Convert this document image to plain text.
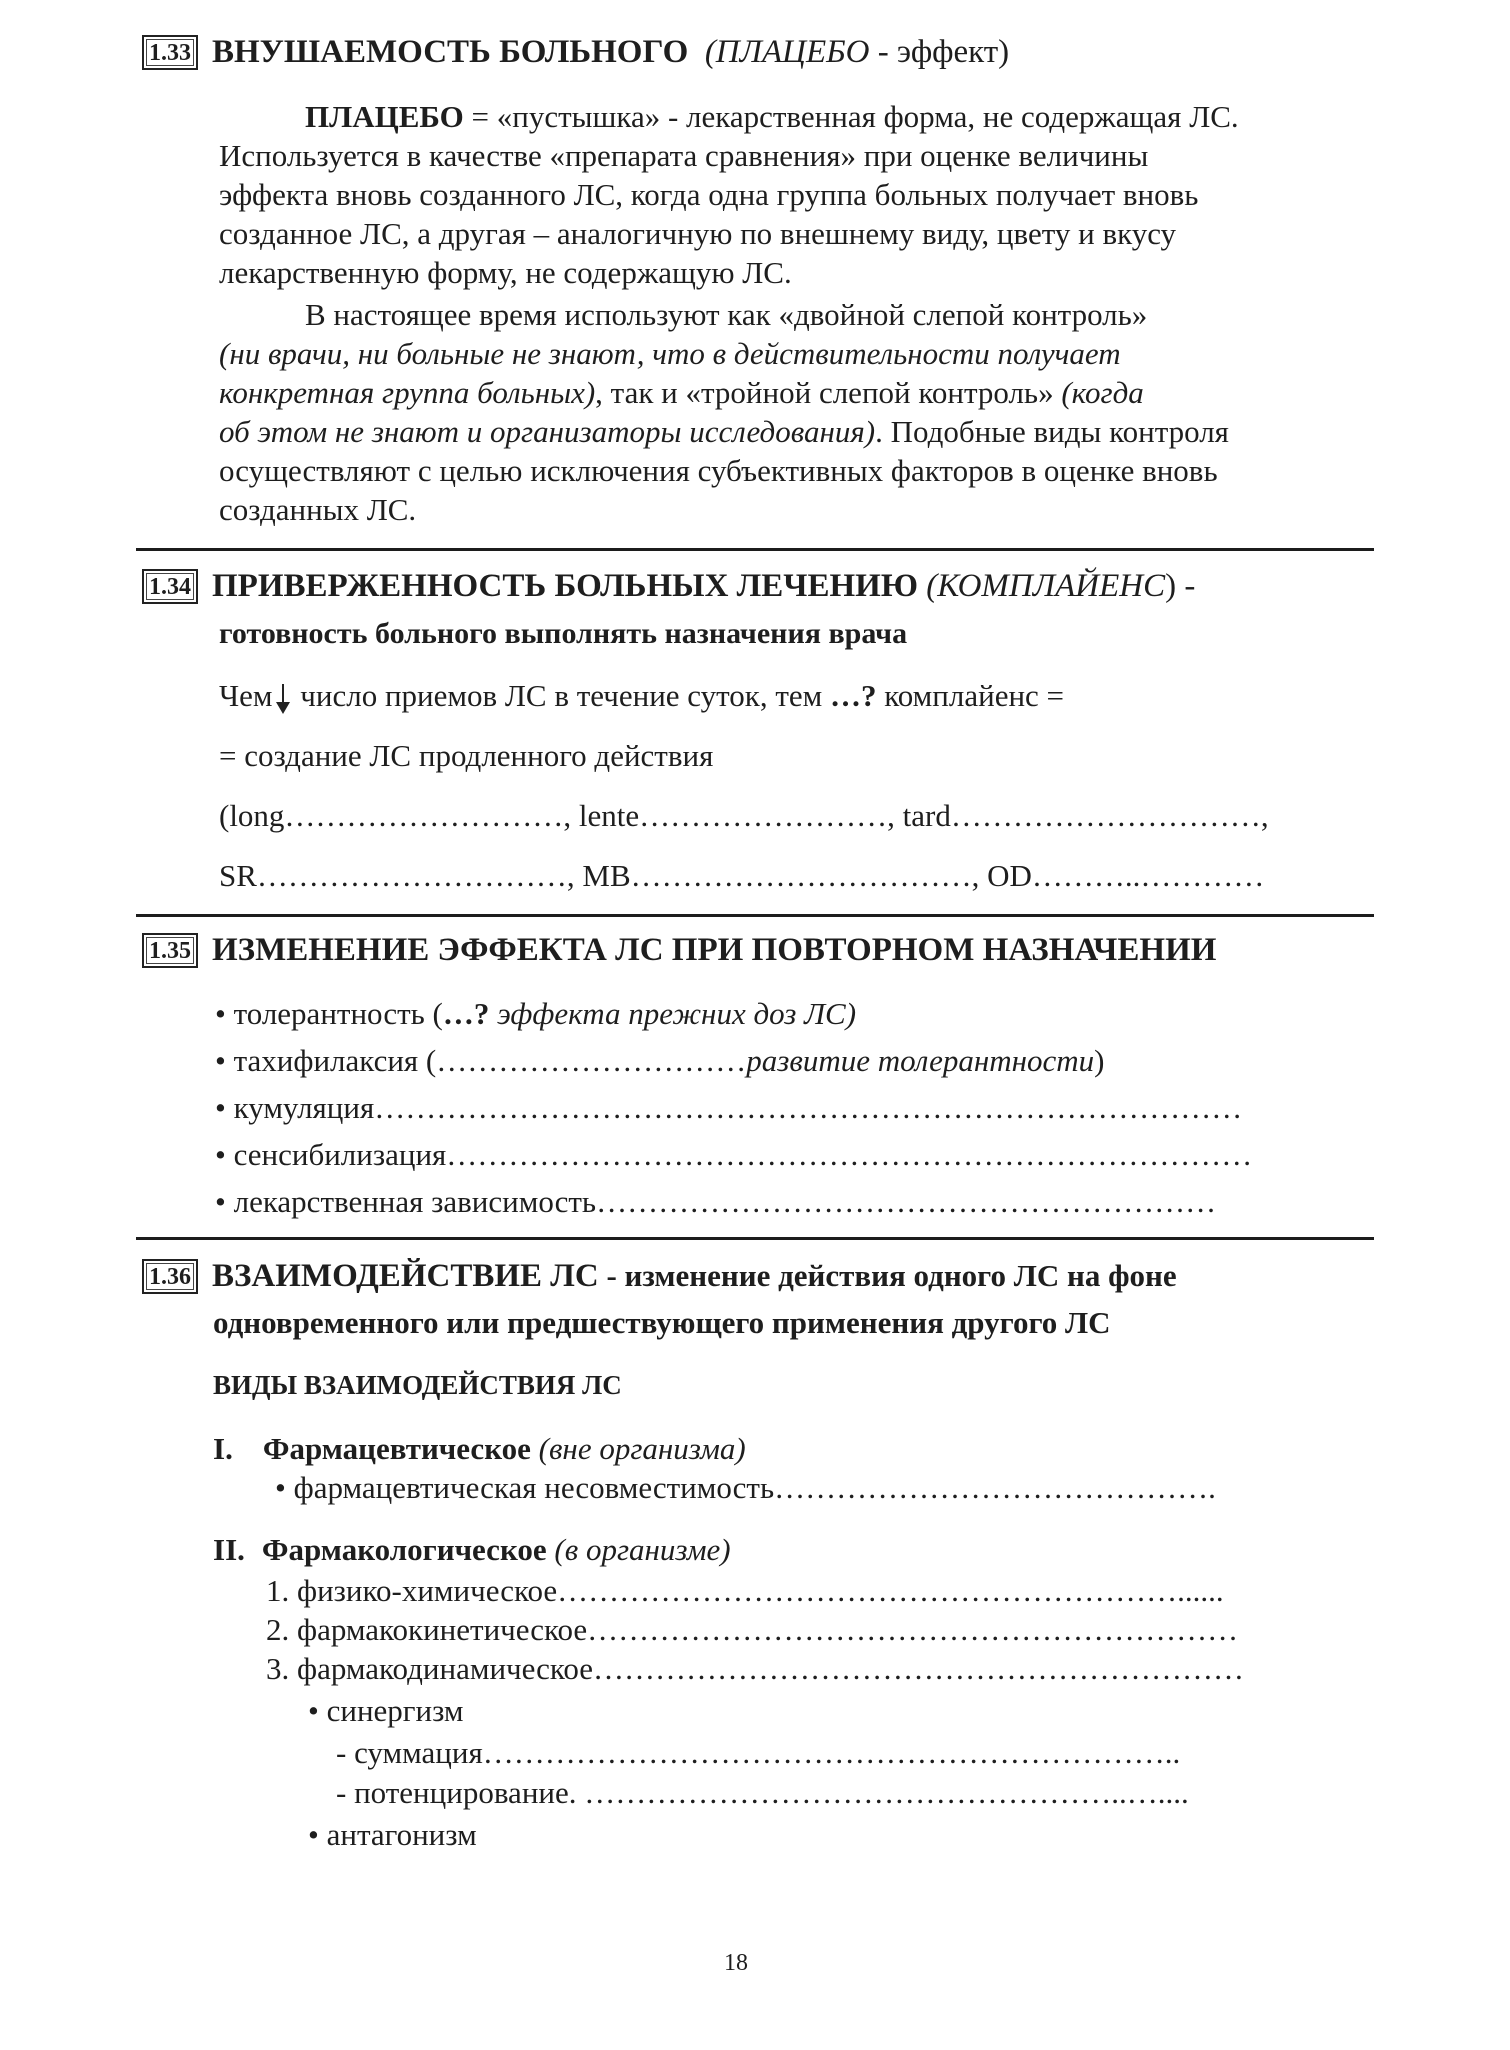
1.33 ВНУШАЕМОСТЬ БОЛЬНОГО (ПЛАЦЕБО - эффект)
ПЛАЦЕБО = «пустышка» - лекарственная форма, не содержащая ЛС.
Используется в качестве «препарата сравнения» при оценке величины
эффекта вновь созданного ЛС, когда одна группа больных получает вновь
созданное ЛС, а другая – аналогичную по внешнему виду, цвету и вкусу
лекарственную форму, не содержащую ЛС.
В настоящее время используют как «двойной слепой контроль»
(ни врачи, ни больные не знают, что в действительности получает
конкретная группа больных), так и «тройной слепой контроль» (когда
об этом не знают и организаторы исследования). Подобные виды контроля
осуществляют с целью исключения субъективных факторов в оценке вновь
созданных ЛС.
1.34 ПРИВЕРЖЕННОСТЬ БОЛЬНЫХ ЛЕЧЕНИЮ (КОМПЛАЙЕНС) -
готовность больного выполнять назначения врача
Чем число приемов ЛС в течение суток, тем …? комплайенс =
= создание ЛС продленного действия
(long………………………, lente……………………, tard…………………………,
SR…………………………, MB……………………………, OD………..…………
1.35 ИЗМЕНЕНИЕ ЭФФЕКТА ЛС ПРИ ПОВТОРНОМ НАЗНАЧЕНИИ
• толерантность (…? эффекта прежних доз ЛС)
• тахифилаксия (…………………………развитие толерантности)
• кумуляция…………………………………………………………………………
• сенсибилизация……………………………………………………………………
• лекарственная зависимость……………………………………………………
1.36 ВЗАИМОДЕЙСТВИЕ ЛС - изменение действия одного ЛС на фоне
одновременного или предшествующего применения другого ЛС
ВИДЫ ВЗАИМОДЕЙСТВИЯ ЛС
I. Фармацевтическое (вне организма)
• фармацевтическая несовместимость…………………………………….
II. Фармакологическое (в организме)
1. физико-химическое……………………………………………………......
2. фармакокинетическое………………………………………………………
3. фармакодинамическое………………………………………………………
• синергизм
- суммация…………………………………………………………..
- потенцирование. ……………………………………………..…....
• антагонизм
18
